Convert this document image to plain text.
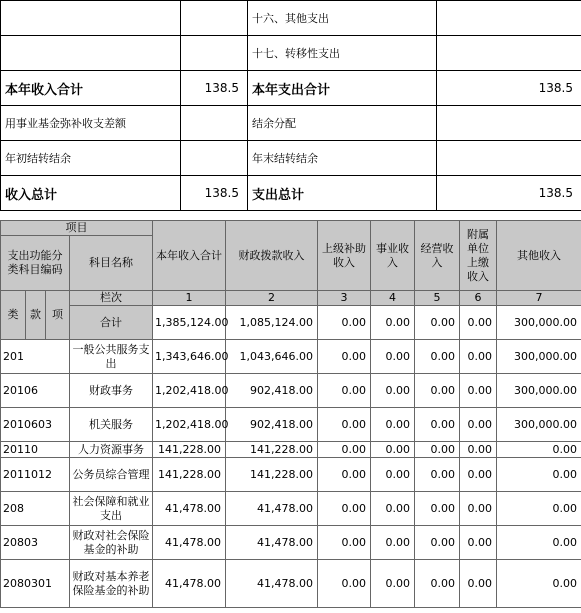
		十六、其他支出	
		十七、转移性支出	
本年收入合计	138.5	本年支出合计	138.5
用事业基金弥补收支差额		结余分配	
年初结转结余		年末结转结余	
收入总计	138.5	支出总计	138.5
项目				本年收入合计	财政拨款收入	上级补助收入	事业收入	经营收入	附属单位上缴收入	其他收入
支出功能分类科目编码			科目名称							
类	款	项	栏次	1	2	3	4	5	6	7
			合计	1,385,124.00	1,085,124.00	0.00	0.00	0.00	0.00	300,000.00
201			一般公共服务支出	1,343,646.00	1,043,646.00	0.00	0.00	0.00	0.00	300,000.00
20106			财政事务	1,202,418.00	902,418.00	0.00	0.00	0.00	0.00	300,000.00
2010603			机关服务	1,202,418.00	902,418.00	0.00	0.00	0.00	0.00	300,000.00
20110			人力资源事务	141,228.00	141,228.00	0.00	0.00	0.00	0.00	0.00
2011012			公务员综合管理	141,228.00	141,228.00	0.00	0.00	0.00	0.00	0.00
208			社会保障和就业支出	41,478.00	41,478.00	0.00	0.00	0.00	0.00	0.00
20803			财政对社会保险基金的补助	41,478.00	41,478.00	0.00	0.00	0.00	0.00	0.00
2080301			财政对基本养老保险基金的补助	41,478.00	41,478.00	0.00	0.00	0.00	0.00	0.00
